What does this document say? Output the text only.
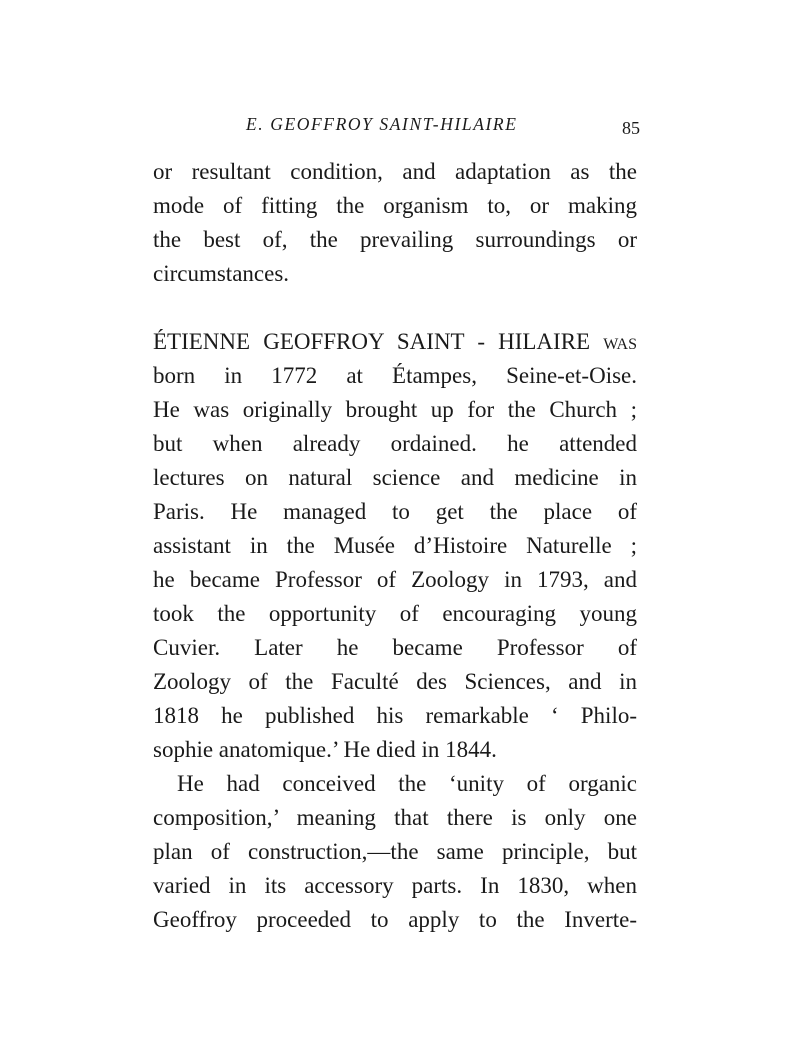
E. GEOFFROY SAINT-HILAIRE	85
or resultant condition, and adaptation as the
mode of fitting the organism to, or making
the best of, the prevailing surroundings or
circumstances.
ÉTIENNE GEOFFROY SAINT - HILAIRE was
born in 1772 at Étampes, Seine-et-Oise.
He was originally brought up for the Church ;
but when already ordained. he attended
lectures on natural science and medicine in
Paris. He managed to get the place of
assistant in the Musée d’Histoire Naturelle ;
he became Professor of Zoology in 1793, and
took the opportunity of encouraging young
Cuvier. Later he became Professor of
Zoology of the Faculté des Sciences, and in
1818 he published his remarkable ‘ Philo-
sophie anatomique.’ He died in 1844.
He had conceived the ‘unity of organic
composition,’ meaning that there is only one
plan of construction,—the same principle, but
varied in its accessory parts. In 1830, when
Geoffroy proceeded to apply to the Inverte-
